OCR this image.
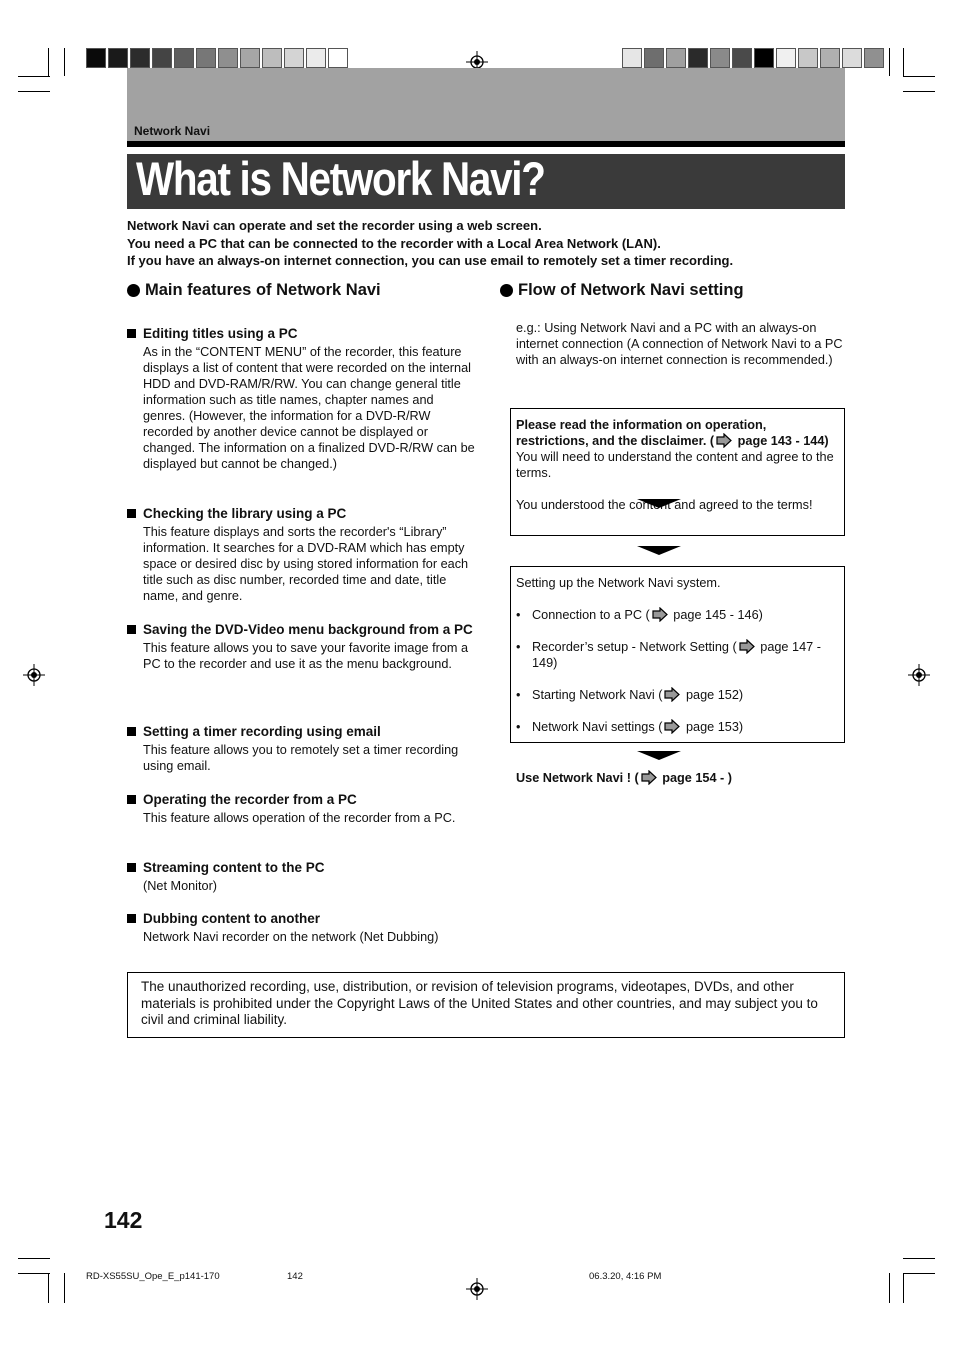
Network Navi
What is Network Navi?
Network Navi can operate and set the recorder using a web screen.
You need a PC that can be connected to the recorder with a Local Area Network (LAN).
If you have an always-on internet connection, you can use email to remotely set a timer recording.
Main features of Network Navi
Editing titles using a PC
As in the “CONTENT MENU” of the recorder, this feature displays a list of content that were recorded on the internal HDD and DVD-RAM/R/RW. You can change general title information such as title names, chapter names and genres. (However, the information for a DVD-R/RW recorded by another device cannot be displayed or changed. The information on a finalized DVD-R/RW can be displayed but cannot be changed.)
Checking the library using a PC
This feature displays and sorts the recorder's “Library” information. It searches for a DVD-RAM which has empty space or desired disc by using stored information for each title such as disc number, recorded time and date, title name, and genre.
Saving the DVD-Video menu background from a PC
This feature allows you to save your favorite image from a PC to the recorder and use it as the menu background.
Setting a timer recording using email
This feature allows you to remotely set a timer recording using email.
Operating the recorder from a PC
This feature allows operation of the recorder from a PC.
Streaming content to the PC
(Net Monitor)
Dubbing content to another
Network Navi recorder on the network (Net Dubbing)
Flow of Network Navi setting
e.g.: Using Network Navi and a PC with an always-on internet connection (A connection of Network Navi to a PC with an always-on internet connection is recommended.)
Please read the information on operation, restrictions, and the disclaimer. ( page 143 - 144)
You will need to understand the content and agree to the terms.
You understood the content and agreed to the terms!
Setting up the Network Navi system.
• Connection to a PC ( page 145 - 146)
• Recorder’s setup - Network Setting ( page 147 - 149)
• Starting Network Navi ( page 152)
• Network Navi settings ( page 153)
Use Network Navi ! ( page 154 - )
The unauthorized recording, use, distribution, or revision of television programs, videotapes, DVDs, and other materials is prohibited under the Copyright Laws of the United States and other countries, and may subject you to civil and criminal liability.
142
RD-XS55SU_Ope_E_p141-170	142	06.3.20, 4:16 PM
